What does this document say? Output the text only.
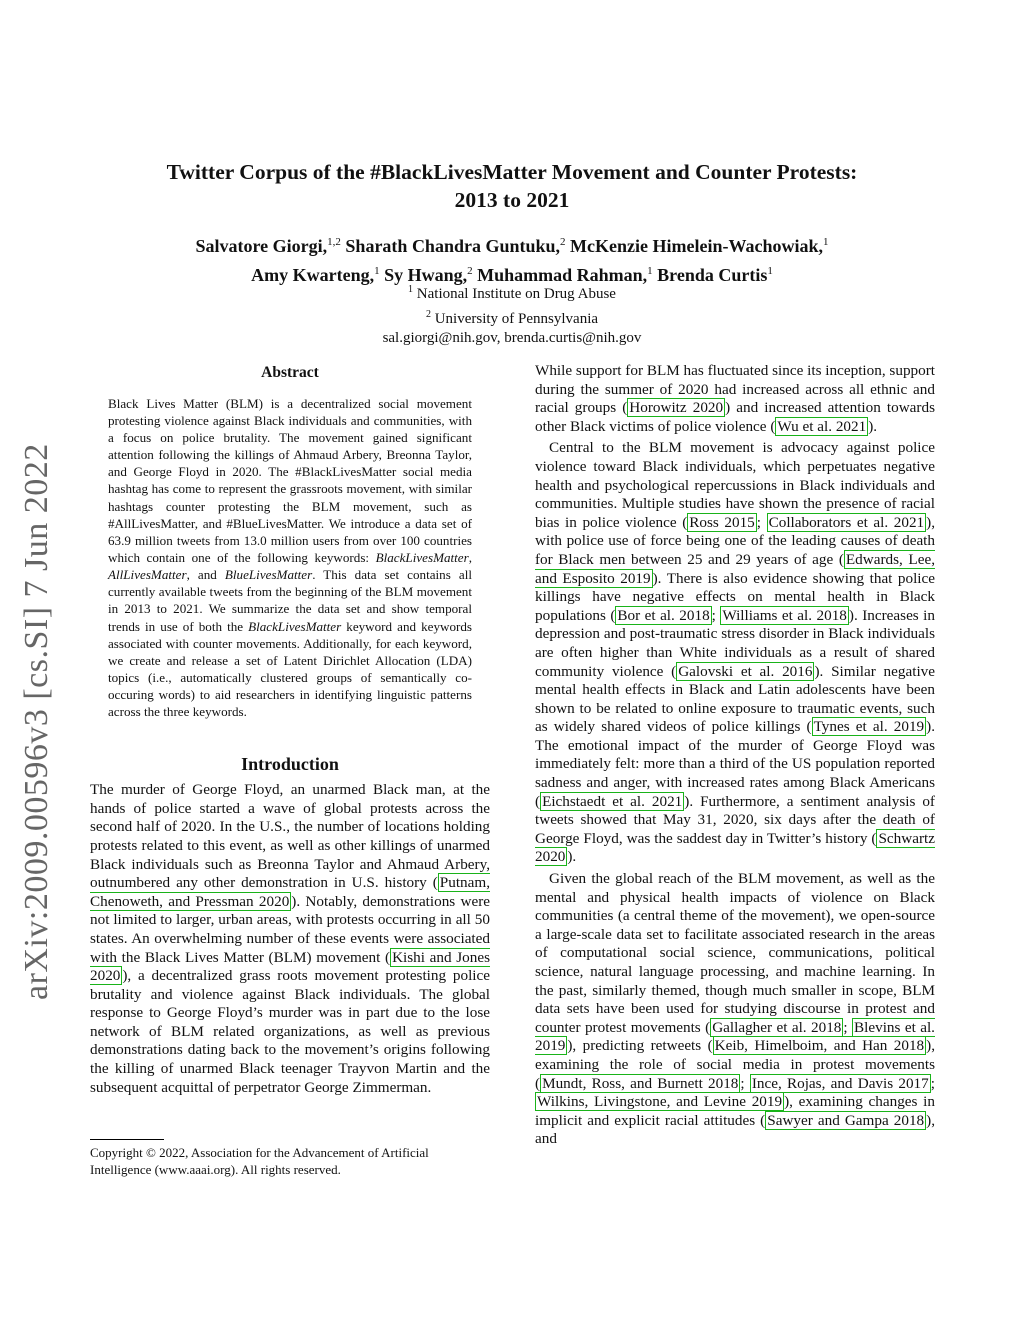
arXiv:2009.00596v3 [cs.SI] 7 Jun 2022
Twitter Corpus of the #BlackLivesMatter Movement and Counter Protests:
2013 to 2021
Salvatore Giorgi,$^{1,2}$ Sharath Chandra Guntuku,$^2$ McKenzie Himelein-Wachowiak,$^1$
Amy Kwarteng,$^1$ Sy Hwang,$^2$ Muhammad Rahman,$^1$ Brenda Curtis$^1$
$^1$ National Institute on Drug Abuse
$^2$ University of Pennsylvania
sal.giorgi@nih.gov, brenda.curtis@nih.gov
Abstract

Black Lives Matter (BLM) is a decentralized social movement protesting violence against Black individuals and communities, with a focus on police brutality. The movement gained significant attention following the killings of Ahmaud Arbery, Breonna Taylor, and George Floyd in 2020. The #BlackLivesMatter social media hashtag has come to represent the grassroots movement, with similar hashtags counter protesting the BLM movement, such as #AllLivesMatter, and #BlueLivesMatter. We introduce a data set of 63.9 million tweets from 13.0 million users from over 100 countries which contain one of the following keywords: BlackLivesMatter, AllLivesMatter, and BlueLivesMatter. This data set contains all currently available tweets from the beginning of the BLM movement in 2013 to 2021. We summarize the data set and show temporal trends in use of both the BlackLivesMatter keyword and keywords associated with counter movements. Additionally, for each keyword, we create and release a set of Latent Dirichlet Allocation (LDA) topics (i.e., automatically clustered groups of semantically co-occuring words) to aid researchers in identifying linguistic patterns across the three keywords.

Introduction

The murder of George Floyd, an unarmed Black man, at the hands of police started a wave of global protests across the second half of 2020. In the U.S., the number of locations holding protests related to this event, as well as other killings of unarmed Black individuals such as Breonna Taylor and Ahmaud Arbery, outnumbered any other demonstration in U.S. history ( Putnam, Chenoweth, and Pressman 2020 ). Notably, demonstrations were not limited to larger, urban areas, with protests occurring in all 50 states. An overwhelming number of these events were associated with the Black Lives Matter (BLM) movement ( Kishi and Jones 2020 ), a decentralized grass roots movement protesting police brutality and violence against Black individuals. The global response to George Floyd’s murder was in part due to the lose network of BLM related organizations, as well as previous demonstrations dating back to the movement’s origins following the killing of unarmed Black teenager Trayvon Martin and the subsequent acquittal of perpetrator George Zimmerman.

Copyright © 2022, Association for the Advancement of Artificial Intelligence (www.aaai.org). All rights reserved.

While support for BLM has fluctuated since its inception, support during the summer of 2020 had increased across all ethnic and racial groups ( Horowitz 2020 ) and increased attention towards other Black victims of police violence ( Wu et al. 2021 ).

Central to the BLM movement is advocacy against police violence toward Black individuals, which perpetuates negative health and psychological repercussions in Black individuals and communities. Multiple studies have shown the presence of racial bias in police violence ( Ross 2015 ; Collaborators et al. 2021 ), with police use of force being one of the leading causes of death for Black men between 25 and 29 years of age ( Edwards, Lee, and Esposito 2019 ). There is also evidence showing that police killings have negative effects on mental health in Black populations ( Bor et al. 2018 ; Williams et al. 2018 ). Increases in depression and post-traumatic stress disorder in Black individuals are often higher than White individuals as a result of shared community violence ( Galovski et al. 2016 ). Similar negative mental health effects in Black and Latin adolescents have been shown to be related to online exposure to traumatic events, such as widely shared videos of police killings ( Tynes et al. 2019 ). The emotional impact of the murder of George Floyd was immediately felt: more than a third of the US population reported sadness and anger, with increased rates among Black Americans ( Eichstaedt et al. 2021 ). Furthermore, a sentiment analysis of tweets showed that May 31, 2020, six days after the death of George Floyd, was the saddest day in Twitter’s history ( Schwartz 2020 ).

Given the global reach of the BLM movement, as well as the mental and physical health impacts of violence on Black communities (a central theme of the movement), we open-source a large-scale data set to facilitate associated research in the areas of computational social science, communications, political science, natural language processing, and machine learning. In the past, similarly themed, though much smaller in scope, BLM data sets have been used for studying discourse in protest and counter protest movements ( Gallagher et al. 2018 ; Blevins et al. 2019 ), predicting retweets ( Keib, Himelboim, and Han 2018 ), examining the role of social media in protest movements ( Mundt, Ross, and Burnett 2018 ; Ince, Rojas, and Davis 2017 ; Wilkins, Livingstone, and Levine 2019 ), examining changes in implicit and explicit racial attitudes ( Sawyer and Gampa 2018 ), and
